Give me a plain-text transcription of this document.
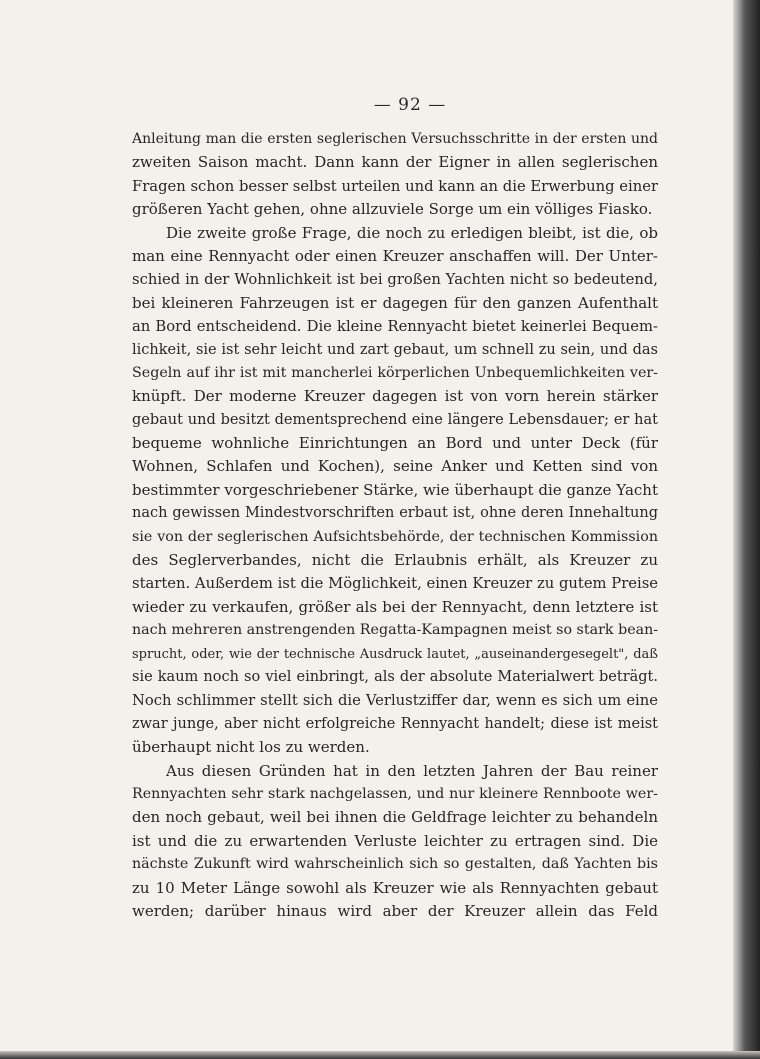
— 92 —
Anleitung man die ersten seglerischen Versuchsschritte in der ersten und
zweiten Saison macht. Dann kann der Eigner in allen seglerischen
Fragen schon besser selbst urteilen und kann an die Erwerbung einer
größeren Yacht gehen, ohne allzuviele Sorge um ein völliges Fiasko.
Die zweite große Frage, die noch zu erledigen bleibt, ist die, ob
man eine Rennyacht oder einen Kreuzer anschaffen will. Der Unter-
schied in der Wohnlichkeit ist bei großen Yachten nicht so bedeutend,
bei kleineren Fahrzeugen ist er dagegen für den ganzen Aufenthalt
an Bord entscheidend. Die kleine Rennyacht bietet keinerlei Bequem-
lichkeit, sie ist sehr leicht und zart gebaut, um schnell zu sein, und das
Segeln auf ihr ist mit mancherlei körperlichen Unbequemlichkeiten ver-
knüpft. Der moderne Kreuzer dagegen ist von vorn herein stärker
gebaut und besitzt dementsprechend eine längere Lebensdauer; er hat
bequeme wohnliche Einrichtungen an Bord und unter Deck (für
Wohnen, Schlafen und Kochen), seine Anker und Ketten sind von
bestimmter vorgeschriebener Stärke, wie überhaupt die ganze Yacht
nach gewissen Mindestvorschriften erbaut ist, ohne deren Innehaltung
sie von der seglerischen Aufsichtsbehörde, der technischen Kommission
des Seglerverbandes, nicht die Erlaubnis erhält, als Kreuzer zu
starten. Außerdem ist die Möglichkeit, einen Kreuzer zu gutem Preise
wieder zu verkaufen, größer als bei der Rennyacht, denn letztere ist
nach mehreren anstrengenden Regatta-Kampagnen meist so stark bean-
sprucht, oder, wie der technische Ausdruck lautet, „auseinandergesegelt", daß
sie kaum noch so viel einbringt, als der absolute Materialwert beträgt.
Noch schlimmer stellt sich die Verlustziffer dar, wenn es sich um eine
zwar junge, aber nicht erfolgreiche Rennyacht handelt; diese ist meist
überhaupt nicht los zu werden.
Aus diesen Gründen hat in den letzten Jahren der Bau reiner
Rennyachten sehr stark nachgelassen, und nur kleinere Rennboote wer-
den noch gebaut, weil bei ihnen die Geldfrage leichter zu behandeln
ist und die zu erwartenden Verluste leichter zu ertragen sind. Die
nächste Zukunft wird wahrscheinlich sich so gestalten, daß Yachten bis
zu 10 Meter Länge sowohl als Kreuzer wie als Rennyachten gebaut
werden; darüber hinaus wird aber der Kreuzer allein das Feld
